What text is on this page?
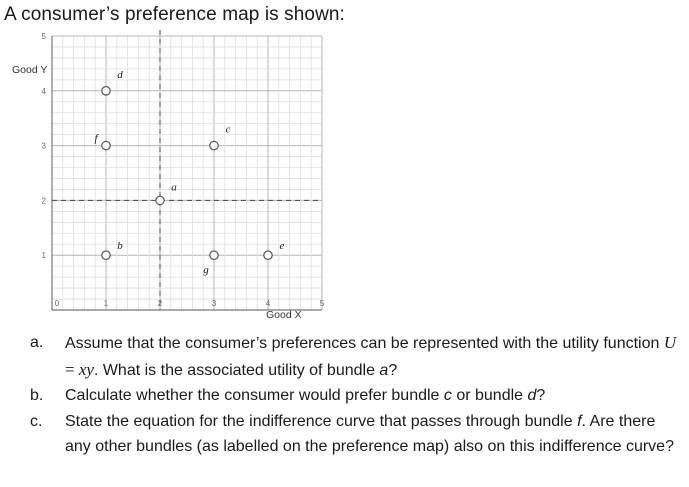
A consumer’s preference map is shown:
0	1	2	3	4	5
1
2
3
4
5
Good Y
Good X
a
b
c
d
e
f
g
a. Assume that the consumer’s preferences can be represented with the utility function U = xy. What is the associated utility of bundle a?
b. Calculate whether the consumer would prefer bundle c or bundle d?
c. State the equation for the indifference curve that passes through bundle f. Are there any other bundles (as labelled on the preference map) also on this indifference curve?
